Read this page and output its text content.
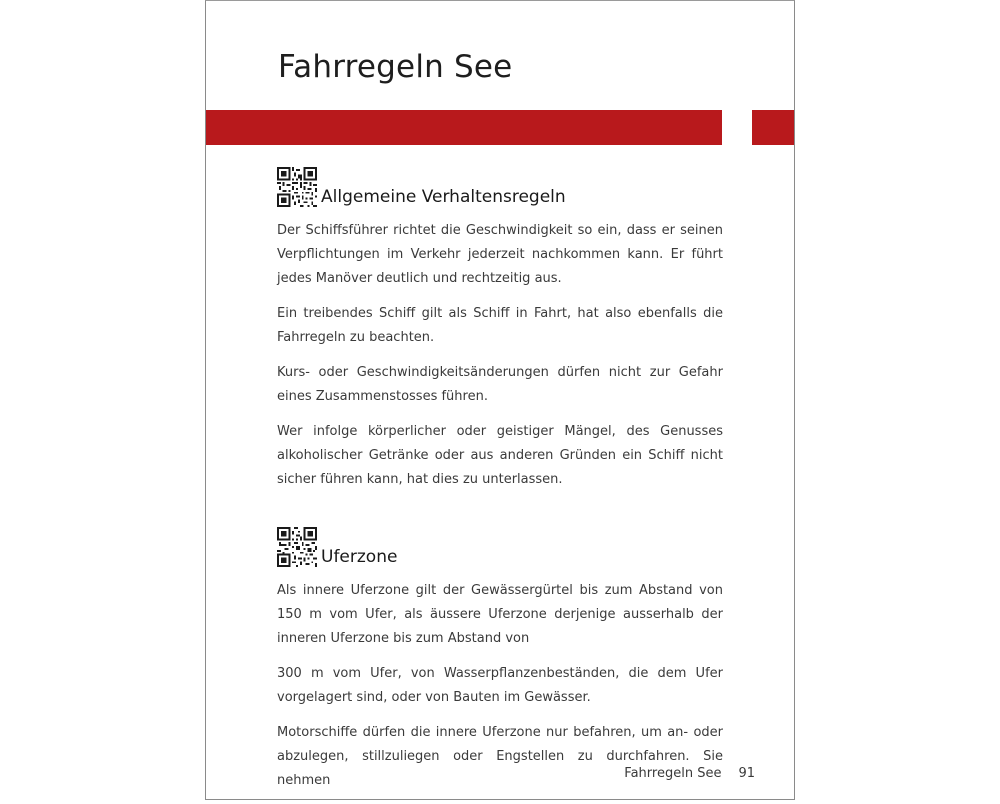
Fahrregeln See
Allgemeine Verhaltensregeln

Der Schiffsführer richtet die Geschwindigkeit so ein, dass er seinen Verpflichtungen im Verkehr jederzeit nachkommen kann. Er führt jedes Manöver deutlich und rechtzeitig aus.

Ein treibendes Schiff gilt als Schiff in Fahrt, hat also ebenfalls die Fahrregeln zu beachten.

Kurs- oder Geschwindigkeitsänderungen dürfen nicht zur Gefahr eines Zusammenstosses führen.

Wer infolge körperlicher oder geistiger Mängel, des Genusses alkoholischer Getränke oder aus anderen Gründen ein Schiff nicht sicher führen kann, hat dies zu unterlassen.

Uferzone

Als innere Uferzone gilt der Gewässergürtel bis zum Abstand von 150 m vom Ufer, als äussere Uferzone derjenige ausserhalb der inneren Uferzone bis zum Abstand von

300 m vom Ufer, von Wasserpflanzenbeständen, die dem Ufer vorgelagert sind, oder von Bauten im Gewässer.

Motorschiffe dürfen die innere Uferzone nur befahren, um an- oder abzulegen, stillzuliegen oder Engstellen zu durchfahren. Sie nehmen	Fahrregeln See 91
